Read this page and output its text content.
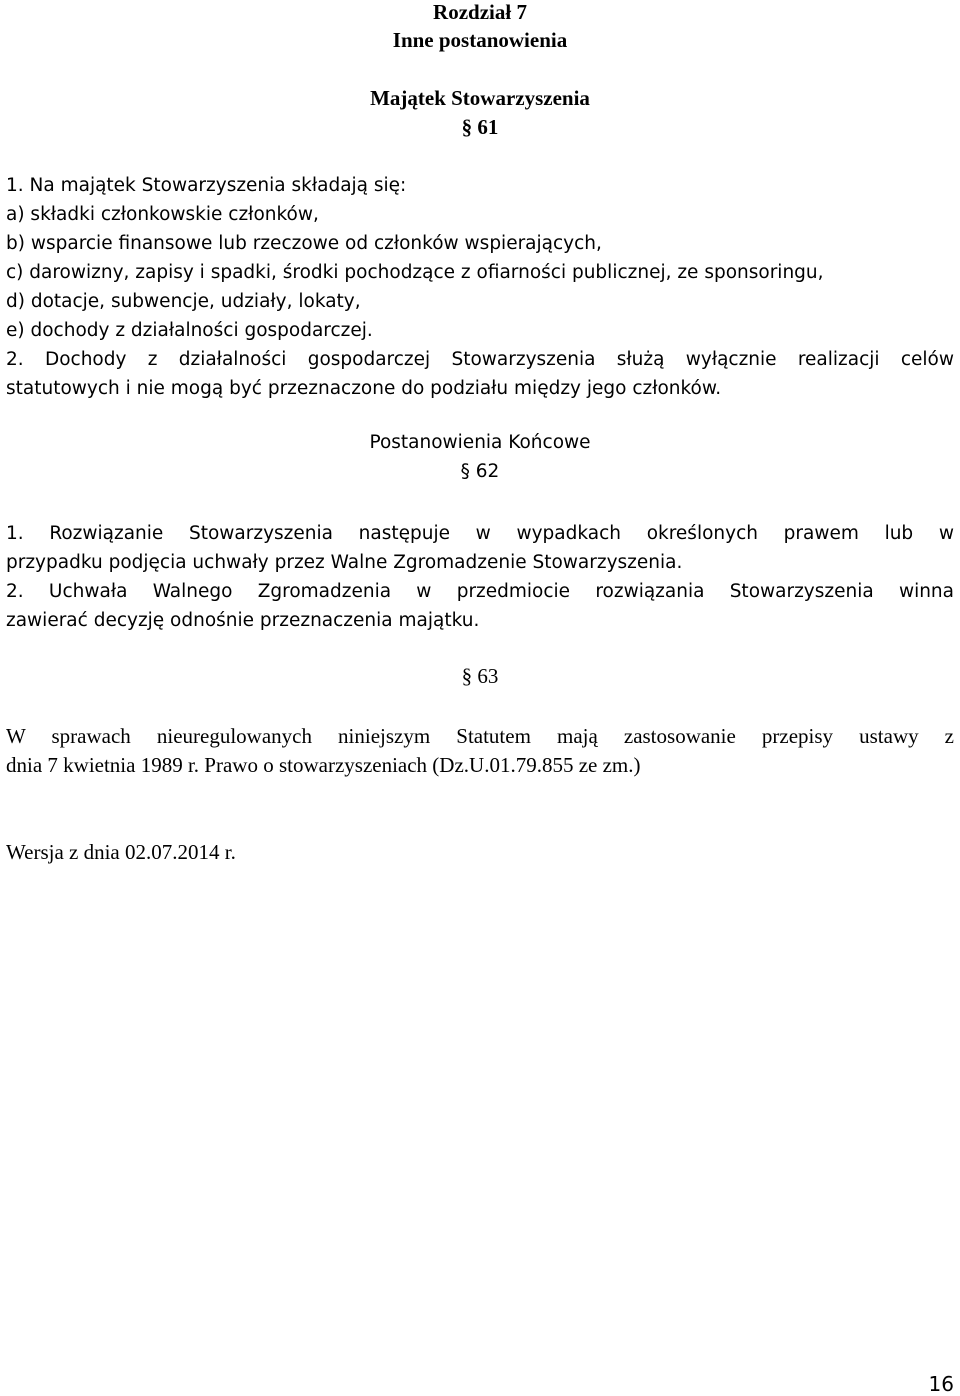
Rozdział 7
Inne postanowienia
Majątek Stowarzyszenia
§ 61
1. Na majątek Stowarzyszenia składają się:
a) składki członkowskie członków,
b) wsparcie finansowe lub rzeczowe od członków wspierających,
c) darowizny, zapisy i spadki, środki pochodzące z ofiarności publicznej, ze sponsoringu,
d) dotacje, subwencje, udziały, lokaty,
e) dochody z działalności gospodarczej.
2. Dochody z działalności gospodarczej Stowarzyszenia służą wyłącznie realizacji celów
statutowych i nie mogą być przeznaczone do podziału między jego członków.
Postanowienia Końcowe
§ 62
1. Rozwiązanie Stowarzyszenia następuje w wypadkach określonych prawem lub w
przypadku podjęcia uchwały przez Walne Zgromadzenie Stowarzyszenia.
2. Uchwała Walnego Zgromadzenia w przedmiocie rozwiązania Stowarzyszenia winna
zawierać decyzję odnośnie przeznaczenia majątku.
§ 63
W sprawach nieuregulowanych niniejszym Statutem mają zastosowanie przepisy ustawy z
dnia 7 kwietnia 1989 r. Prawo o stowarzyszeniach (Dz.U.01.79.855 ze zm.)
Wersja z dnia 02.07.2014 r.
16
